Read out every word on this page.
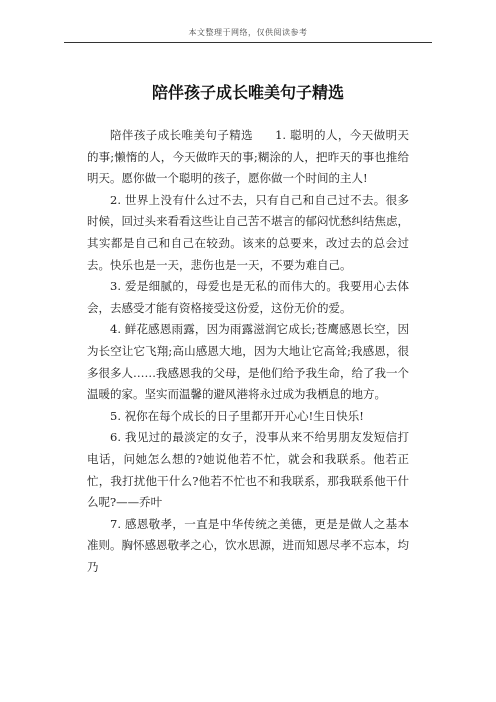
本文整理于网络，仅供阅读参考
陪伴孩子成长唯美句子精选

陪伴孩子成长唯美句子精选 1. 聪明的人，今天做明天的事;懒惰的人，今天做昨天的事;糊涂的人，把昨天的事也推给明天。愿你做一个聪明的孩子，愿你做一个时间的主人!

2. 世界上没有什么过不去，只有自己和自己过不去。很多时候，回过头来看看这些让自己苦不堪言的郁闷忧愁纠结焦虑，其实都是自己和自己在较劲。该来的总要来，改过去的总会过去。快乐也是一天，悲伤也是一天，不要为难自己。

3. 爱是细腻的，母爱也是无私的而伟大的。我要用心去体会，去感受才能有资格接受这份爱，这份无价的爱。

4. 鲜花感恩雨露，因为雨露滋润它成长;苍鹰感恩长空，因为长空让它飞翔;高山感恩大地，因为大地让它高耸;我感恩，很多很多人……我感恩我的父母，是他们给予我生命，给了我一个温暖的家。坚实而温馨的避风港将永过成为我栖息的地方。

5. 祝你在每个成长的日子里都开开心心!生日快乐!

6. 我见过的最淡定的女子，没事从来不给男朋友发短信打电话，问她怎么想的?她说他若不忙，就会和我联系。他若正忙，我打扰他干什么?他若不忙也不和我联系，那我联系他干什么呢?——乔叶

7. 感恩敬孝，一直是中华传统之美德，更是是做人之基本准则。胸怀感恩敬孝之心，饮水思源，进而知恩尽孝不忘本，均乃
